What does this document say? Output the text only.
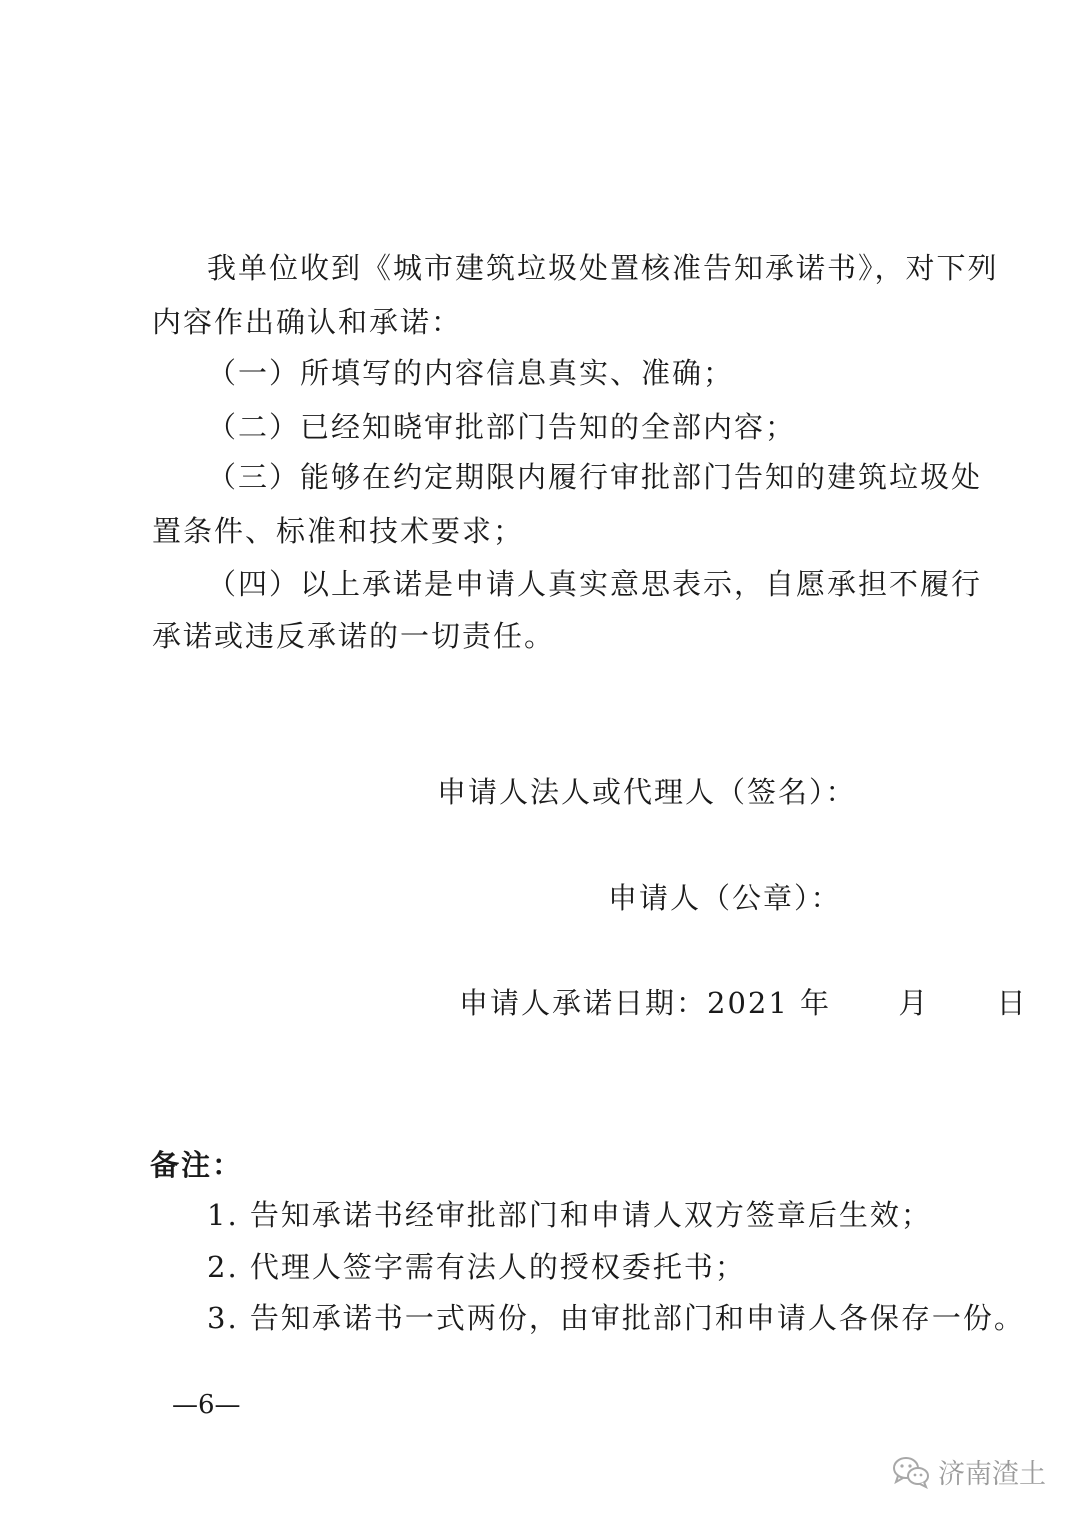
我单位收到《城市建筑垃圾处置核准告知承诺书》，对下列
内容作出确认和承诺：
（一）所填写的内容信息真实、准确；
（二）已经知晓审批部门告知的全部内容；
（三）能够在约定期限内履行审批部门告知的建筑垃圾处
置条件、标准和技术要求；
（四）以上承诺是申请人真实意思表示，自愿承担不履行
承诺或违反承诺的一切责任。
申请人法人或代理人（签名）：
申请人（公章）：
申请人承诺日期：2021 年      月      日
备注：
1. 告知承诺书经审批部门和申请人双方签章后生效；
2. 代理人签字需有法人的授权委托书；
3. 告知承诺书一式两份，由审批部门和申请人各保存一份。
—6—
济南渣土
